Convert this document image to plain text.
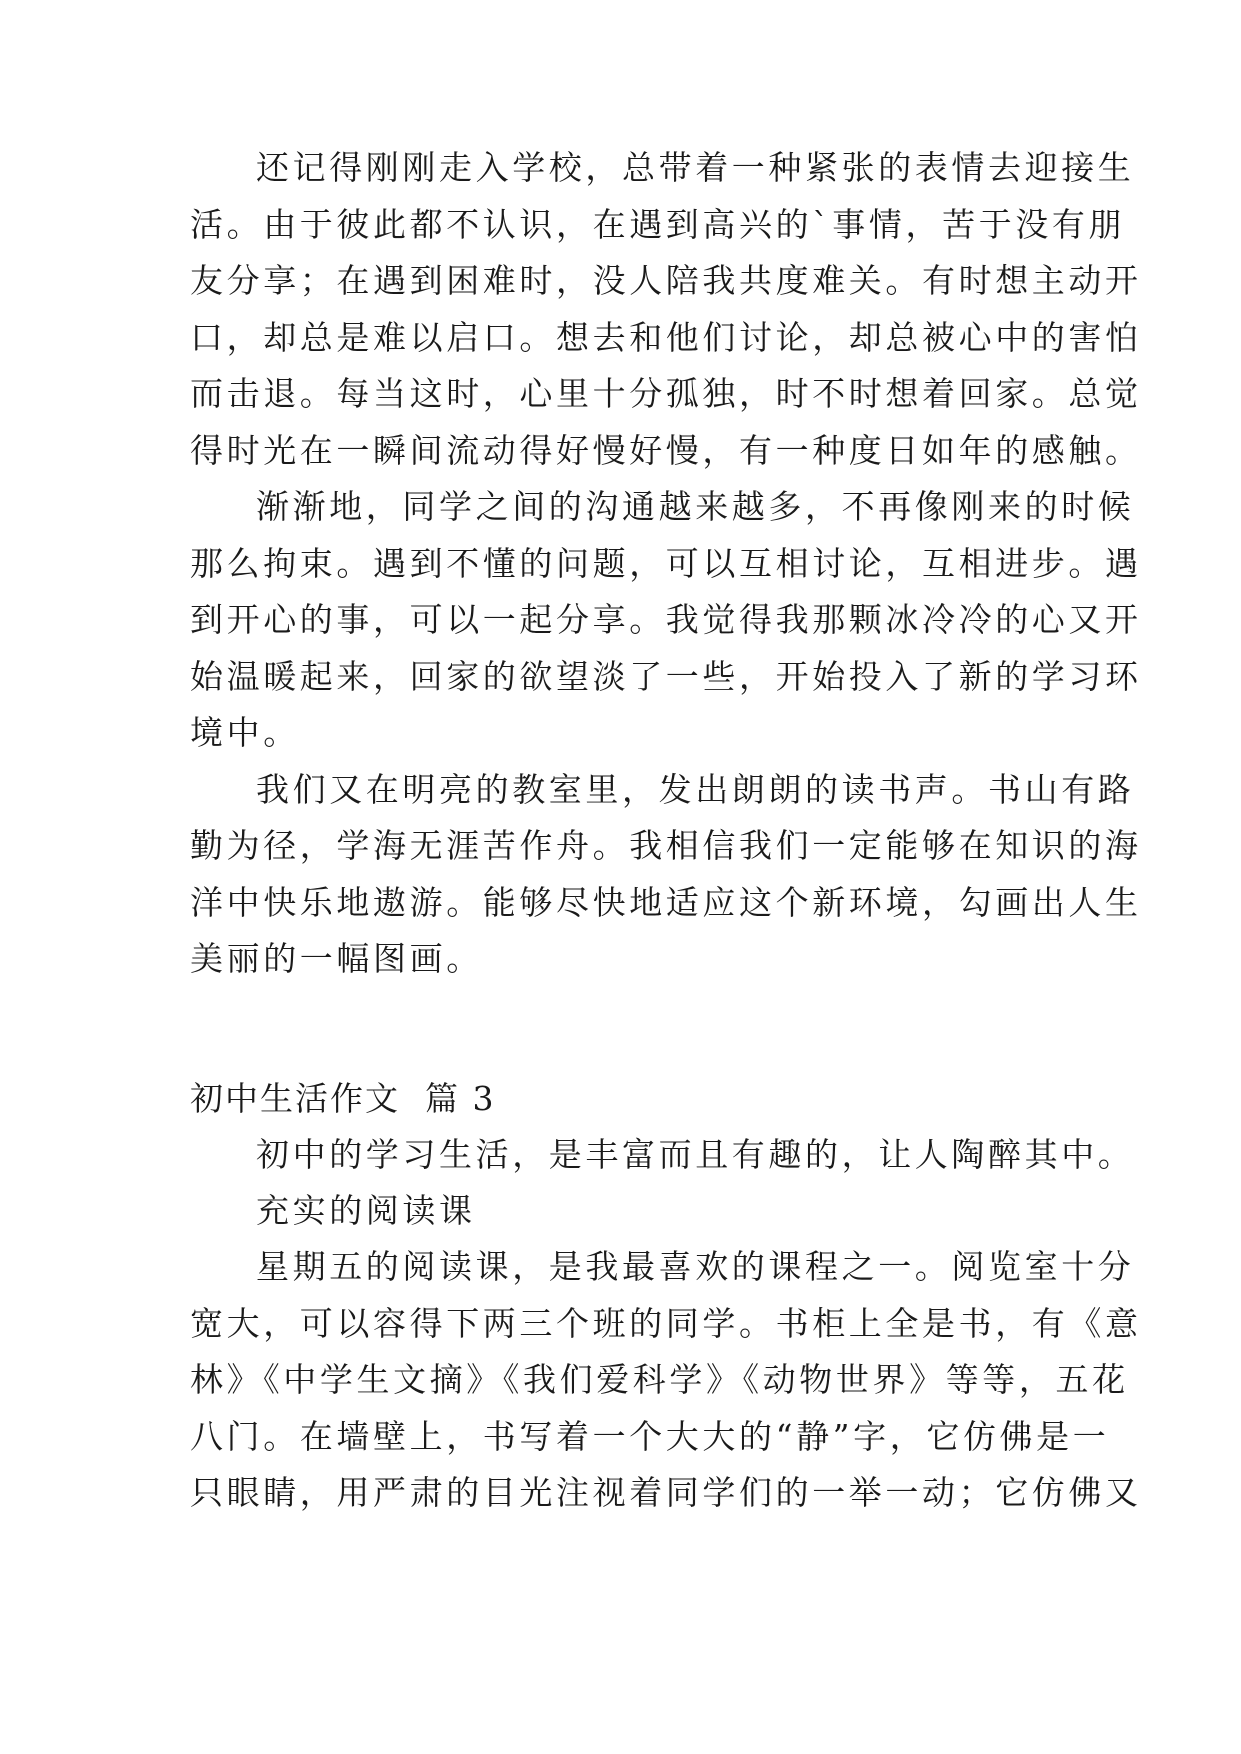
还记得刚刚走入学校，总带着一种紧张的表情去迎接生
活。由于彼此都不认识，在遇到高兴的`事情，苦于没有朋
友分享；在遇到困难时，没人陪我共度难关。有时想主动开
口，却总是难以启口。想去和他们讨论，却总被心中的害怕
而击退。每当这时，心里十分孤独，时不时想着回家。总觉
得时光在一瞬间流动得好慢好慢，有一种度日如年的感触。
渐渐地，同学之间的沟通越来越多，不再像刚来的时候
那么拘束。遇到不懂的问题，可以互相讨论，互相进步。遇
到开心的事，可以一起分享。我觉得我那颗冰冷冷的心又开
始温暖起来，回家的欲望淡了一些，开始投入了新的学习环
境中。
我们又在明亮的教室里，发出朗朗的读书声。书山有路
勤为径，学海无涯苦作舟。我相信我们一定能够在知识的海
洋中快乐地遨游。能够尽快地适应这个新环境，勾画出人生
美丽的一幅图画。
初中生活作文  篇 3
初中的学习生活，是丰富而且有趣的，让人陶醉其中。
充实的阅读课
星期五的阅读课，是我最喜欢的课程之一。阅览室十分
宽大，可以容得下两三个班的同学。书柜上全是书，有《意
林》《中学生文摘》《我们爱科学》《动物世界》等等，五花
八门。在墙壁上，书写着一个大大的“静”字，它仿佛是一
只眼睛，用严肃的目光注视着同学们的一举一动；它仿佛又
